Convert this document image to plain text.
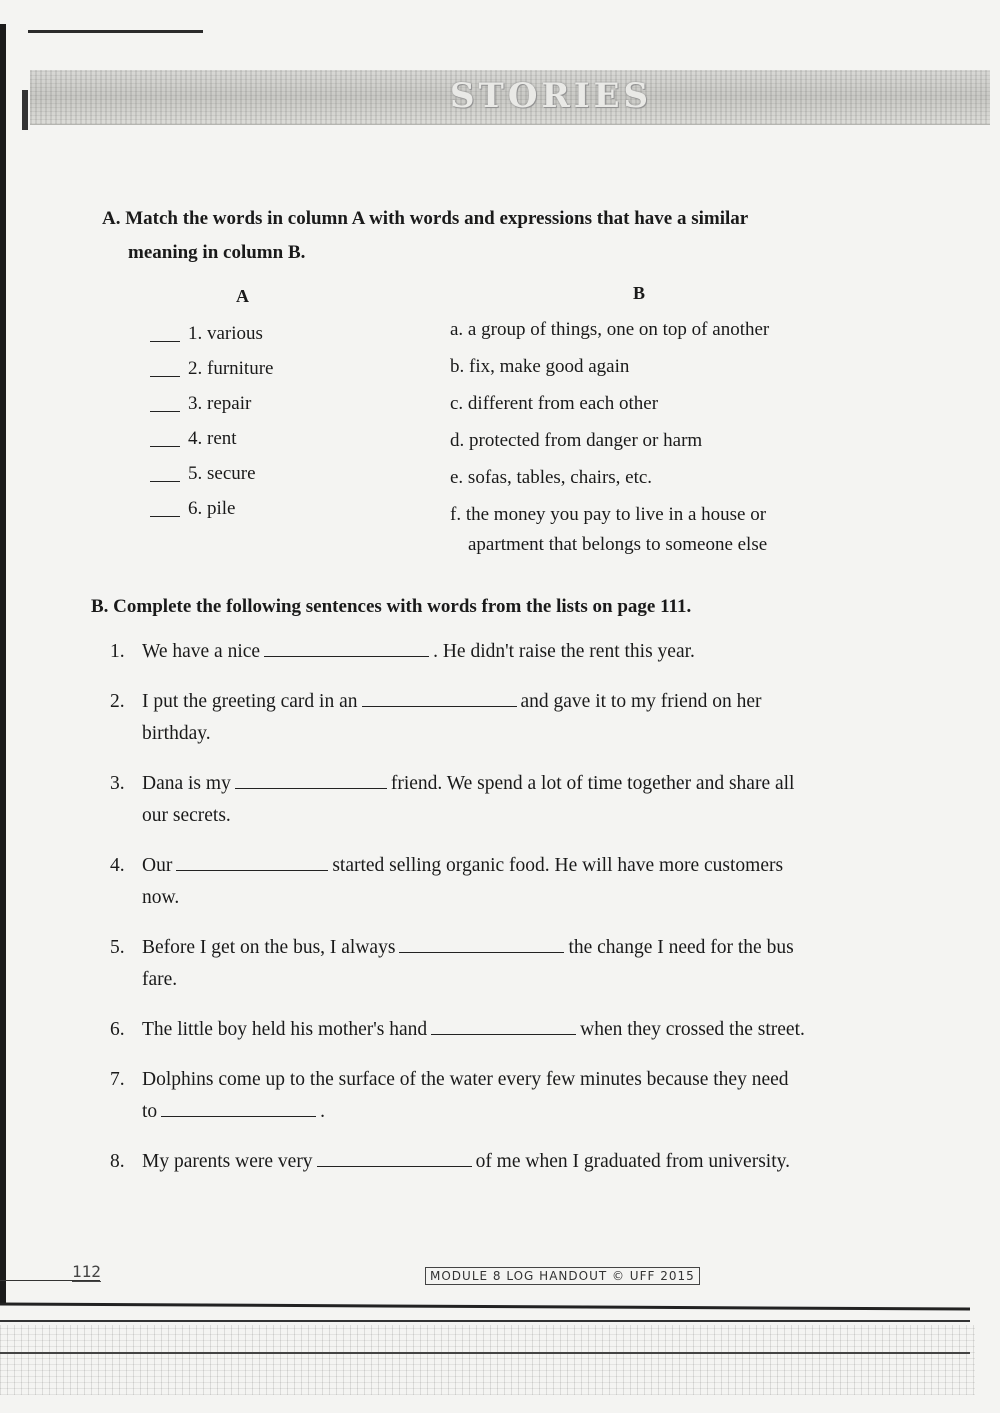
STORIES
A. Match the words in column A with words and expressions that have a similar
meaning in column B.
A	B
1. various
2. furniture
3. repair
4. rent
5. secure
6. pile
a. a group of things, one on top of another
b. fix, make good again
c. different from each other
d. protected from danger or harm
e. sofas, tables, chairs, etc.
f. the money you pay to live in a house or
apartment that belongs to someone else
B. Complete the following sentences with words from the lists on page 111.
1. We have a nice	. He didn't raise the rent this year.
2. I put the greeting card in an	and gave it to my friend on her
birthday.
3. Dana is my	friend. We spend a lot of time together and share all
our secrets.
4. Our	started selling organic food. He will have more customers
now.
5. Before I get on the bus, I always	the change I need for the bus
fare.
6. The little boy held his mother's hand	when they crossed the street.
7. Dolphins come up to the surface of the water every few minutes because they need
to	.
8. My parents were very	of me when I graduated from university.
112	MODULE 8 LOG HANDOUT © UFF 2015
